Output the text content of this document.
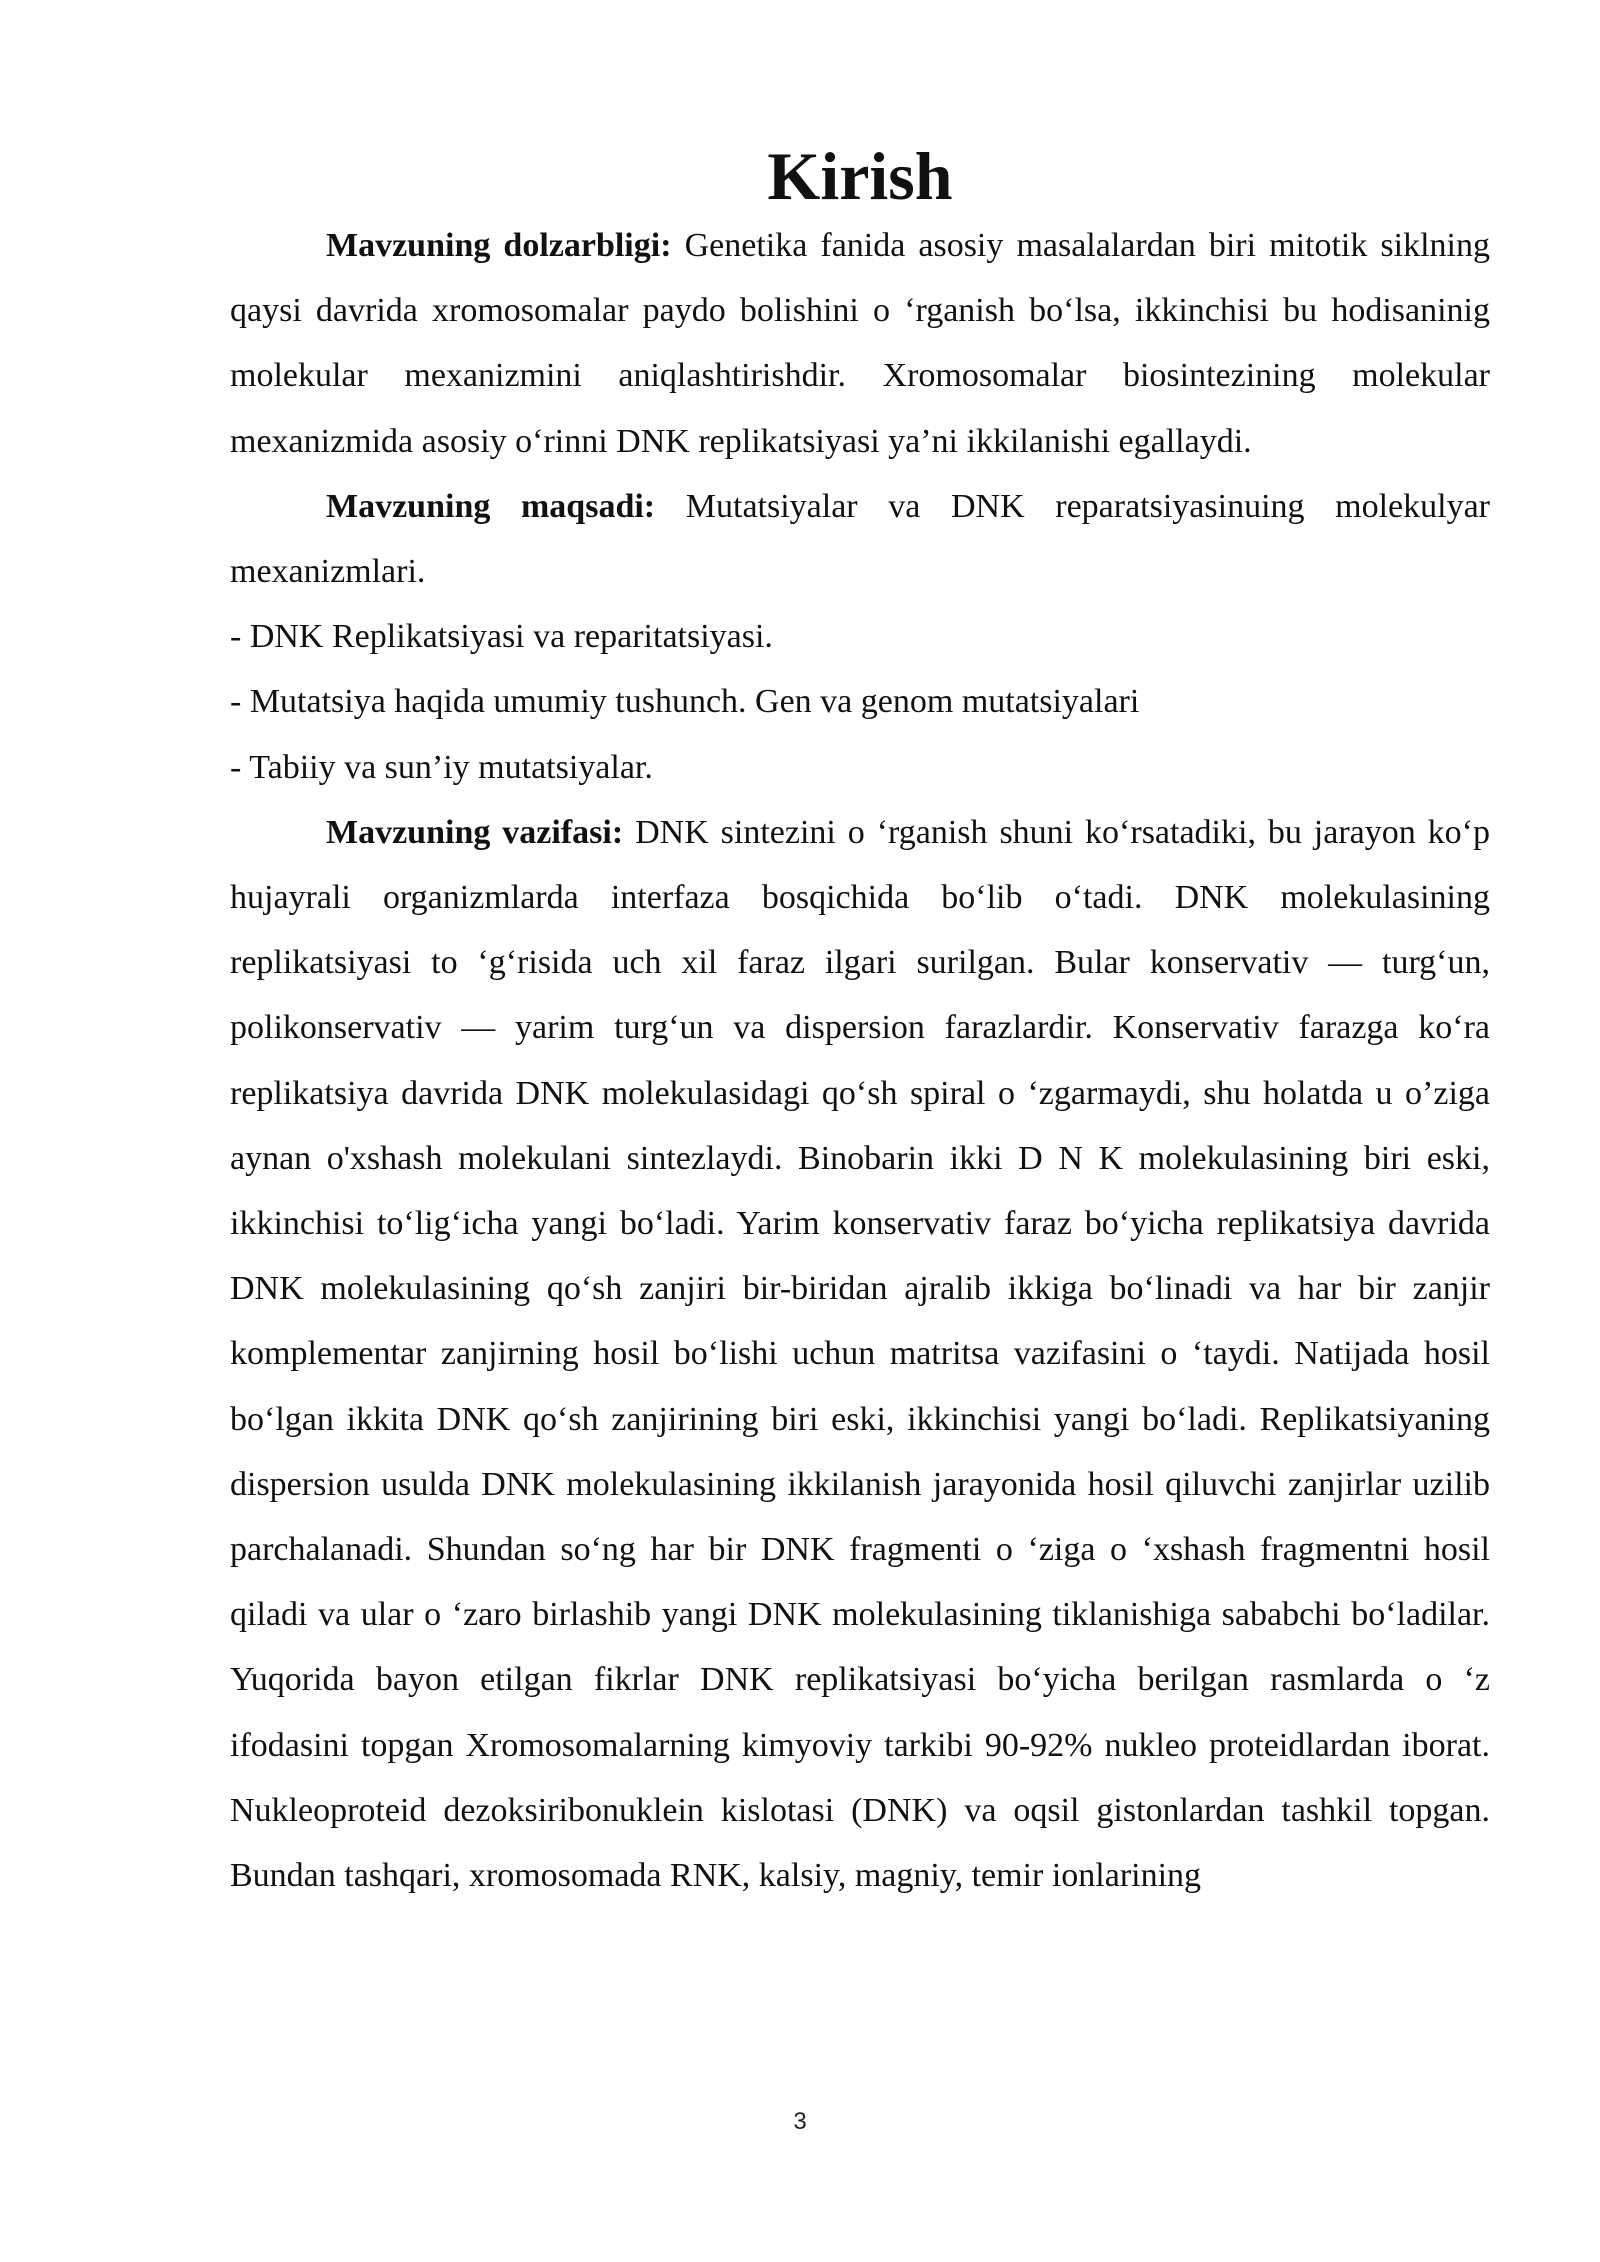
Kirish

Mavzuning dolzarbligi: Genetika fanida asosiy masalalardan biri mitotik siklning qaysi davrida xromosomalar paydo bolishini o ‘rganish bo‘lsa, ikkinchisi bu hodisaninig molekular mexanizmini aniqlashtirishdir. Xromosomalar biosintezining molekular mexanizmida asosiy o‘rinni DNK replikatsiyasi ya’ni ikkilanishi egallaydi.

Mavzuning maqsadi: Mutatsiyalar va DNK reparatsiyasinuing molekulyar mexanizmlari.

- DNK Replikatsiyasi va reparitatsiyasi.

- Mutatsiya haqida umumiy tushunch. Gen va genom mutatsiyalari

- Tabiiy va sun’iy mutatsiyalar.

Mavzuning vazifasi: DNK sintezini o ‘rganish shuni ko‘rsatadiki, bu jarayon ko‘p hujayrali organizmlarda interfaza bosqichida bo‘lib o‘tadi. DNK molekulasining replikatsiyasi to ‘g‘risida uch xil faraz ilgari surilgan. Bular konservativ — turg‘un, polikonservativ — yarim turg‘un va dispersion farazlardir. Konservativ farazga ko‘ra replikatsiya davrida DNK molekulasidagi qo‘sh spiral o ‘zgarmaydi, shu holatda u o’ziga aynan o'xshash molekulani sintezlaydi. Binobarin ikki D N K molekulasining biri eski, ikkinchisi to‘lig‘icha yangi bo‘ladi. Yarim konservativ faraz bo‘yicha replikatsiya davrida DNK molekulasining qo‘sh zanjiri bir-biridan ajralib ikkiga bo‘linadi va har bir zanjir komplementar zanjirning hosil bo‘lishi uchun matritsa vazifasini o ‘taydi. Natijada hosil bo‘lgan ikkita DNK qo‘sh zanjirining biri eski, ikkinchisi yangi bo‘ladi. Replikatsiyaning dispersion usulda DNK molekulasining ikkilanish jarayonida hosil qiluvchi zanjirlar uzilib parchalanadi. Shundan so‘ng har bir DNK fragmenti o ‘ziga o ‘xshash fragmentni hosil qiladi va ular o ‘zaro birlashib yangi DNK molekulasining tiklanishiga sababchi bo‘ladilar. Yuqorida bayon etilgan fikrlar DNK replikatsiyasi bo‘yicha berilgan rasmlarda o ‘z ifodasini topgan Xromosomalarning kimyoviy tarkibi 90-92% nukleo proteidlardan iborat. Nukleoproteid dezoksiribonuklein kislotasi (DNK) va oqsil gistonlardan tashkil topgan. Bundan tashqari, xromosomada RNK, kalsiy, magniy, temir ionlarining

3
